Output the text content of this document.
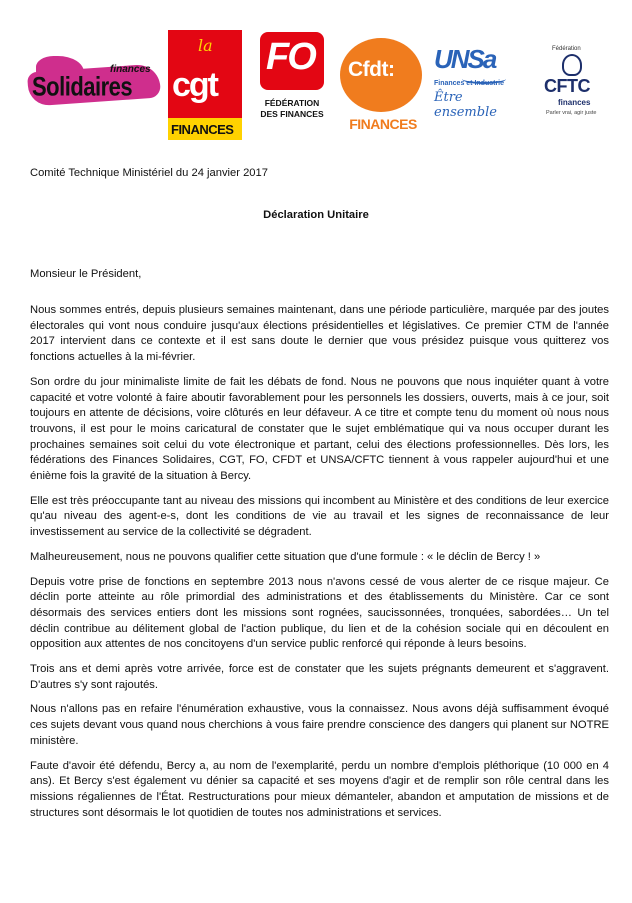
finances
Solidaires
la
cgt
FINANCES
FO
FÉDÉRATION
DES FINANCES
Cfdt:
FINANCES
UNSa
Finances et Industrie
Être ensemble
Fédération
CFTC
finances
Parler vrai, agir juste
Comité Technique Ministériel du 24 janvier 2017
Déclaration Unitaire
Monsieur le Président,

Nous sommes entrés, depuis plusieurs semaines maintenant, dans une période particulière, marquée par des joutes électorales qui vont nous conduire jusqu'aux élections présidentielles et législatives. Ce premier CTM de l'année 2017 intervient dans ce contexte et il est sans doute le dernier que vous présidez puisque vous quitterez vos fonctions actuelles à la mi-février.

Son ordre du jour minimaliste limite de fait les débats de fond. Nous ne pouvons que nous inquiéter quant à votre capacité et votre volonté à faire aboutir favorablement pour les personnels les dossiers, ouverts, mais à ce jour, soit toujours en attente de décisions, voire clôturés en leur défaveur. A ce titre et compte tenu du moment où nous nous trouvons, il est pour le moins caricatural de constater que le sujet emblématique qui va nous occuper durant les prochaines semaines soit celui du vote électronique et partant, celui des élections professionnelles. Dès lors, les fédérations des Finances Solidaires, CGT, FO, CFDT et UNSA/CFTC tiennent à vous rappeler aujourd'hui et une énième fois la gravité de la situation à Bercy.

Elle est très préoccupante tant au niveau des missions qui incombent au Ministère et des conditions de leur exercice qu'au niveau des agent-e-s, dont les conditions de vie au travail et les signes de reconnaissance de leur investissement au service de la collectivité se dégradent.

Malheureusement, nous ne pouvons qualifier cette situation que d'une formule : « le déclin de Bercy ! »

Depuis votre prise de fonctions en septembre 2013 nous n'avons cessé de vous alerter de ce risque majeur. Ce déclin porte atteinte au rôle primordial des administrations et des établissements du Ministère. Car ce sont désormais des services entiers dont les missions sont rognées, saucissonnées, tronquées, sabordées… Un tel déclin contribue au délitement global de l'action publique, du lien et de la cohésion sociale qui en découlent en opposition aux attentes de nos concitoyens d'un service public renforcé qui réponde à leurs besoins.

Trois ans et demi après votre arrivée, force est de constater que les sujets prégnants demeurent et s'aggravent. D'autres s'y sont rajoutés.

Nous n'allons pas en refaire l'énumération exhaustive, vous la connaissez. Nous avons déjà suffisamment évoqué ces sujets devant vous quand nous cherchions à vous faire prendre conscience des dangers qui planent sur NOTRE ministère.

Faute d'avoir été défendu, Bercy a, au nom de l'exemplarité, perdu un nombre d'emplois pléthorique (10 000 en 4 ans). Et Bercy s'est également vu dénier sa capacité et ses moyens d'agir et de remplir son rôle central dans les missions régaliennes de l'État. Restructurations pour mieux démanteler, abandon et amputation de missions et de structures sont désormais le lot quotidien de toutes nos administrations et services.
